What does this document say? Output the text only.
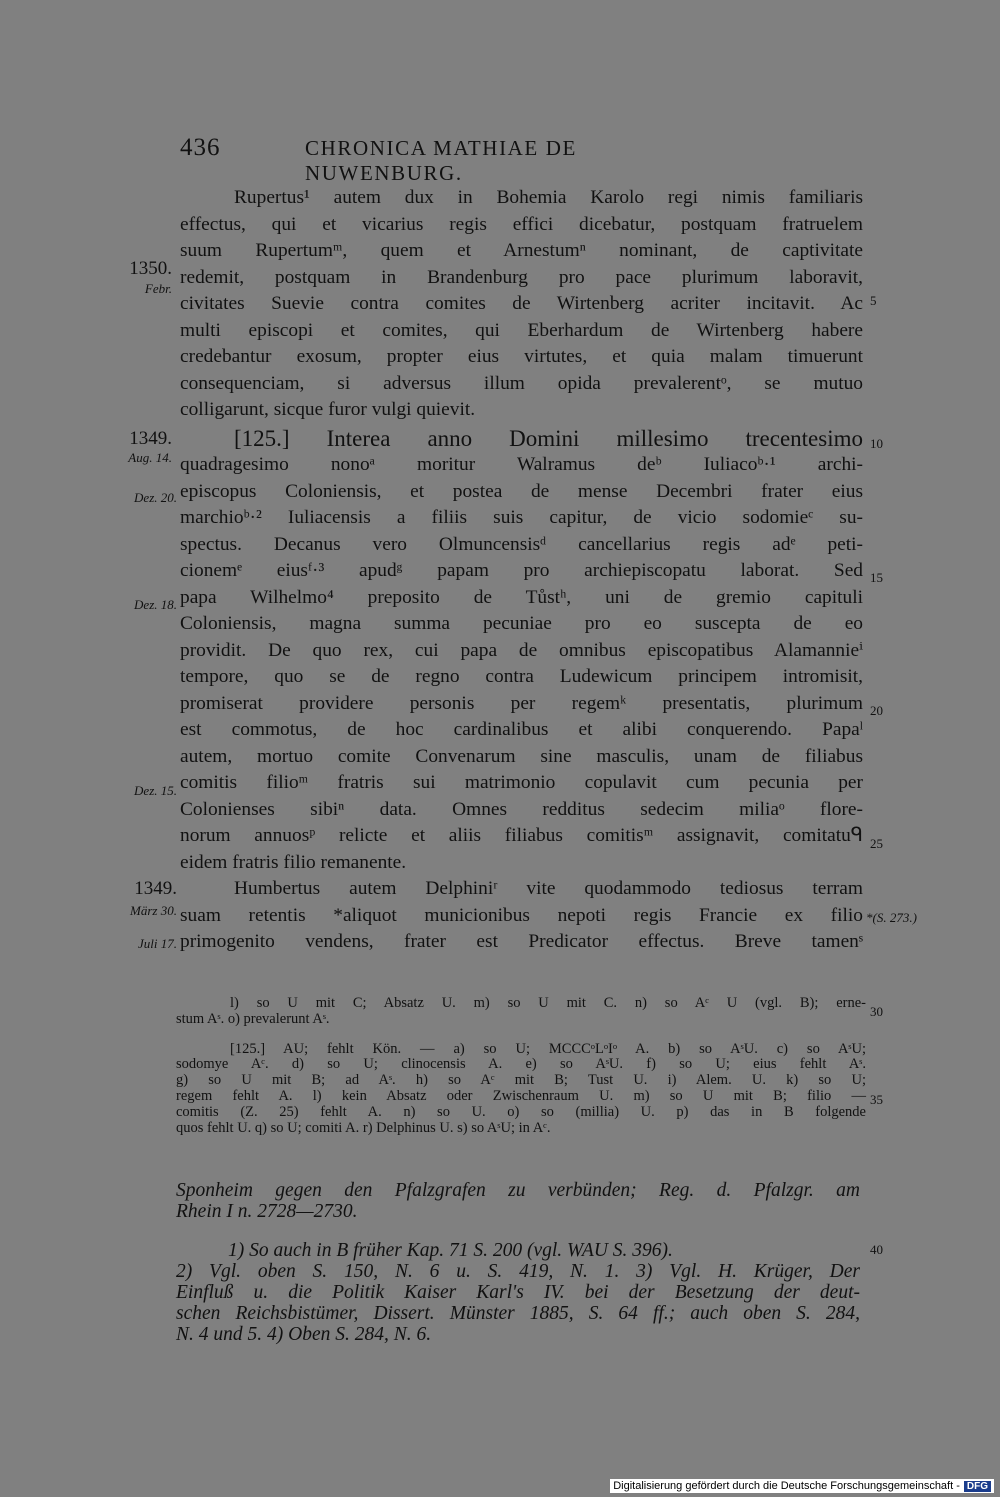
436	CHRONICA MATHIAE DE NUWENBURG.
Rupertus¹ autem dux in Bohemia Karolo regi nimis familiaris
effectus, qui et vicarius regis effici dicebatur, postquam fratruelem
suum Rupertumᵐ, quem et Arnestumⁿ nominant, de captivitate
redemit, postquam in Brandenburg pro pace plurimum laboravit,
civitates Suevie contra comites de Wirtenberg acriter incitavit. Ac
multi episcopi et comites, qui Eberhardum de Wirtenberg habere
credebantur exosum, propter eius virtutes, et quia malam timuerunt
consequenciam, si adversus illum opida prevalerentᵒ, se mutuo
colligarunt, sicque furor vulgi quievit.
[125.] Interea anno Domini millesimo trecentesimo
quadragesimo nonoᵃ moritur Walramus deᵇ Iuliacoᵇ·¹ archi-
episcopus Coloniensis, et postea de mense Decembri frater eius
marchioᵇ·² Iuliacensis a filiis suis capitur, de vicio sodomieᶜ su-
spectus. Decanus vero Olmuncensisᵈ cancellarius regis adᵉ peti-
cionemᵉ eiusᶠ·³ apudᵍ papam pro archiepiscopatu laborat. Sed
papa Wilhelmo⁴ preposito de Tůstʰ, uni de gremio capituli
Coloniensis, magna summa pecuniae pro eo suscepta de eo
providit. De quo rex, cui papa de omnibus episcopatibus Alamannieⁱ
tempore, quo se de regno contra Ludewicum principem intromisit,
promiserat providere personis per regemᵏ presentatis, plurimum
est commotus, de hoc cardinalibus et alibi conquerendo. Papaˡ
autem, mortuo comite Convenarum sine masculis, unam de filiabus
comitis filioᵐ fratris sui matrimonio copulavit cum pecunia per
Colonienses sibiⁿ data. Omnes redditus sedecim miliaᵒ flore-
norum annuosᵖ relicte et aliis filiabus comitisᵐ assignavit, comitatuᑫ
eidem fratris filio remanente.
Humbertus autem Delphiniʳ vite quodammodo tediosus terram
suam retentis *aliquot municionibus nepoti regis Francie ex filio
primogenito vendens, frater est Predicator effectus. Breve tamenˢ
1350.
Febr.
1349.
Aug. 14.
Dez. 20.
Dez. 18.
Dez. 15.
1349.
März 30.
Juli 17.
5
10
15
20
25
*(S. 273.)
30
35
40
l) so U mit C; Absatz U. m) so U mit C. n) so Aᶜ U (vgl. B); erne-
stum Aˢ. o) prevalerunt Aˢ.
[125.] AU; fehlt Kön. — a) so U; MCCCᵒLᵒIᵒ A. b) so AˢU. c) so AˢU;
sodomye Aᶜ. d) so U; clinocensis A. e) so AˢU. f) so U; eius fehlt Aˢ.
g) so U mit B; ad Aˢ. h) so Aᶜ mit B; Tust U. i) Alem. U. k) so U;
regem fehlt A. l) kein Absatz oder Zwischenraum U. m) so U mit B; filio —
comitis (Z. 25) fehlt A. n) so U. o) so (millia) U. p) das in B folgende
quos fehlt U. q) so U; comiti A. r) Delphinus U. s) so AˢU; in Aᶜ.
Sponheim gegen den Pfalzgrafen zu verbünden; Reg. d. Pfalzgr. am
Rhein I n. 2728—2730.
1) So auch in B früher Kap. 71 S. 200 (vgl. WAU S. 396).
2) Vgl. oben S. 150, N. 6 u. S. 419, N. 1. 3) Vgl. H. Krüger, Der
Einfluß u. die Politik Kaiser Karl's IV. bei der Besetzung der deut-
schen Reichsbistümer, Dissert. Münster 1885, S. 64 ff.; auch oben S. 284,
N. 4 und 5. 4) Oben S. 284, N. 6.
Digitalisierung gefördert durch die Deutsche Forschungsgemeinschaft - DFG
